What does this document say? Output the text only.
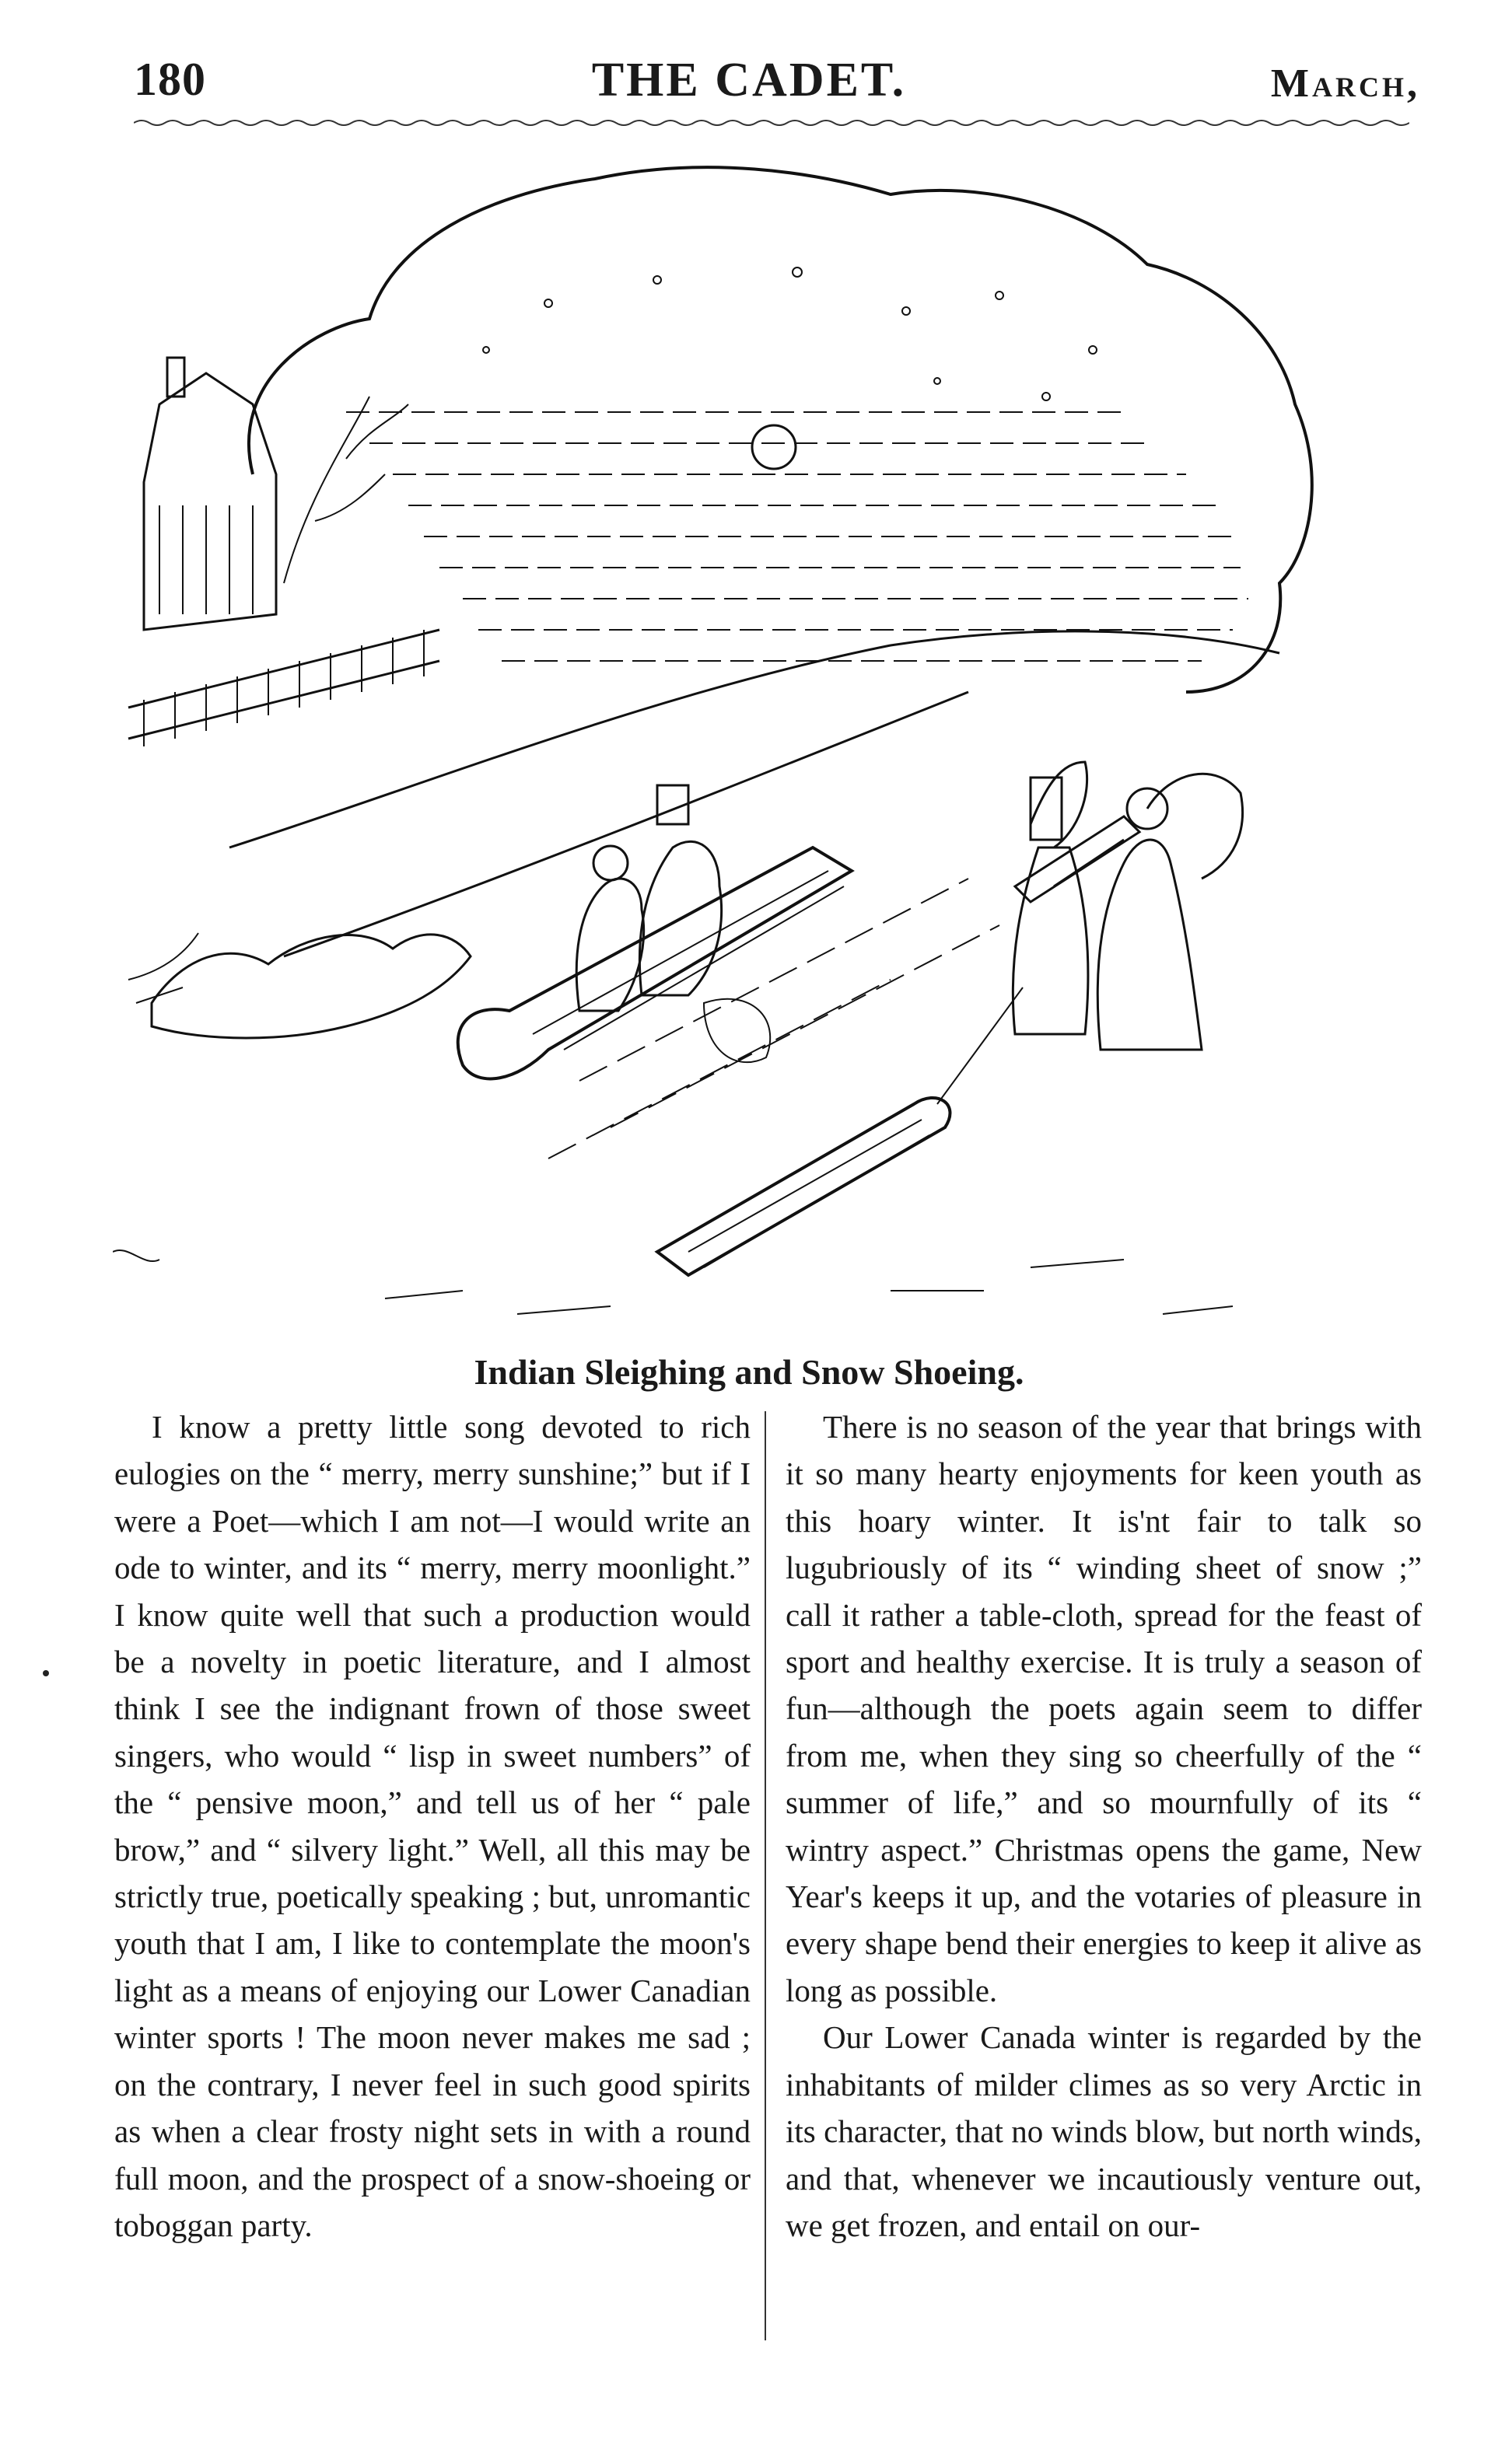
180	THE CADET.	March,
Indian Sleighing and Snow Shoeing.

I know a pretty little song devoted to rich eulogies on the “ merry, merry sunshine;” but if I were a Poet—which I am not—I would write an ode to winter, and its “ merry, merry moonlight.” I know quite well that such a production would be a novelty in poetic literature, and I almost think I see the indignant frown of those sweet singers, who would “ lisp in sweet numbers” of the “ pensive moon,” and tell us of her “ pale brow,” and “ silvery light.” Well, all this may be strictly true, poetically speaking ; but, unromantic youth that I am, I like to contemplate the moon's light as a means of enjoying our Lower Canadian winter sports ! The moon never makes me sad ; on the contrary, I never feel in such good spirits as when a clear frosty night sets in with a round full moon, and the prospect of a snow-shoeing or toboggan party.

There is no season of the year that brings with it so many hearty enjoyments for keen youth as this hoary winter. It is'nt fair to talk so lugubriously of its “ winding sheet of snow ;” call it rather a table-cloth, spread for the feast of sport and healthy exercise. It is truly a season of fun—although the poets again seem to differ from me, when they sing so cheerfully of the “ summer of life,” and so mournfully of its “ wintry aspect.” Christmas opens the game, New Year's keeps it up, and the votaries of pleasure in every shape bend their energies to keep it alive as long as possible.

Our Lower Canada winter is regarded by the inhabitants of milder climes as so very Arctic in its character, that no winds blow, but north winds, and that, whenever we incautiously venture out, we get frozen, and entail on our-
